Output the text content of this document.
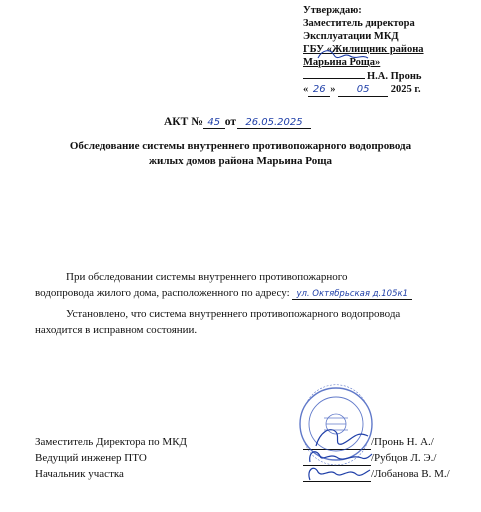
Утверждаю:
Заместитель директора
Эксплуатации МКД
ГБУ «Жилищник района
Марьина Роща»
Н.А. Пронь
« 26 » 05 2025 г.
АКТ № 45 от 26.05.2025
Обследование системы внутреннего противопожарного водопровода
жилых домов района Марьина Роща
При обследовании системы внутреннего противопожарного
водопровода жилого дома, расположенного по адресу: ул. Октябрьская д.105к1
Установлено, что система внутреннего противопожарного водопровода
находится в исправном состоянии.
Заместитель Директора по МКД	/Пронь Н. А./
Ведущий инженер ПТО	/Рубцов Л. Э./
Начальник участка	/Лобанова В. М./
